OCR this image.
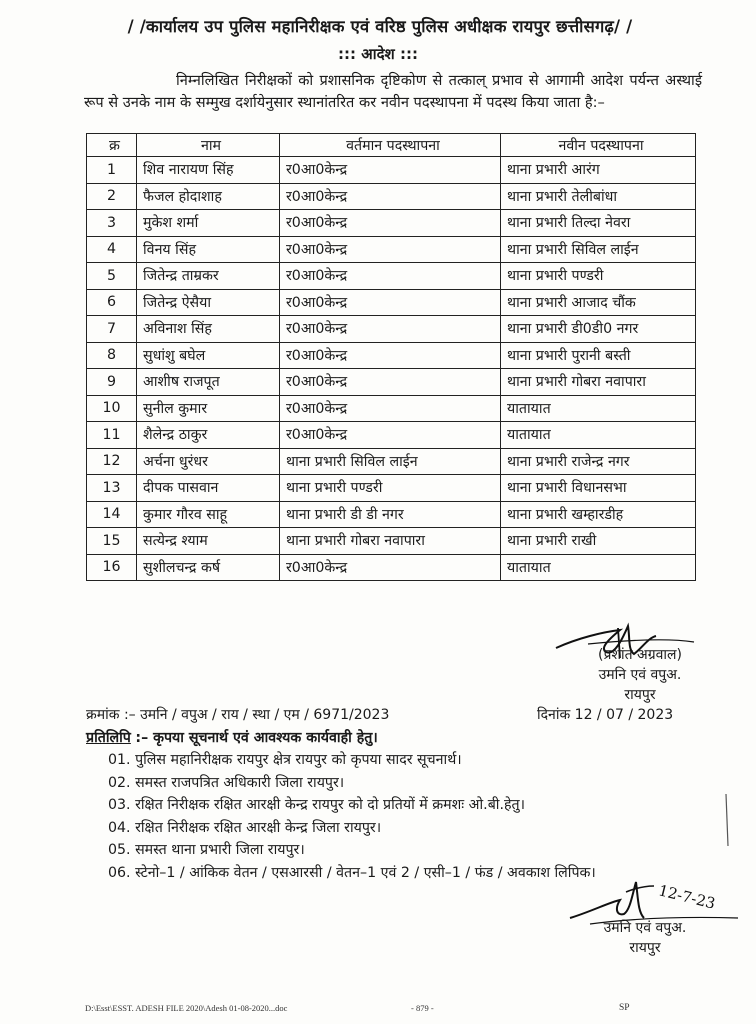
/ /कार्यालय उप पुलिस महानिरीक्षक एवं वरिष्ठ पुलिस अधीक्षक रायपुर छत्तीसगढ़/ /
::: आदेश :::
निम्नलिखित निरीक्षकों को प्रशासनिक दृष्टिकोण से तत्काल् प्रभाव से आगामी आदेश पर्यन्त अस्थाई रूप से उनके नाम के सम्मुख दर्शायेनुसार स्थानांतरित कर नवीन पदस्थापना में पदस्थ किया जाता है:–
क्र	नाम	वर्तमान पदस्थापना	नवीन पदस्थापना
1	शिव नारायण सिंह	र0आ0केन्द्र	थाना प्रभारी आरंग
2	फैजल होदाशाह	र0आ0केन्द्र	थाना प्रभारी तेलीबांधा
3	मुकेश शर्मा	र0आ0केन्द्र	थाना प्रभारी तिल्दा नेवरा
4	विनय सिंह	र0आ0केन्द्र	थाना प्रभारी सिविल लाईन
5	जितेन्द्र ताम्रकर	र0आ0केन्द्र	थाना प्रभारी पण्डरी
6	जितेन्द्र ऐसैया	र0आ0केन्द्र	थाना प्रभारी आजाद चौंक
7	अविनाश सिंह	र0आ0केन्द्र	थाना प्रभारी डी0डी0 नगर
8	सुधांशु बघेल	र0आ0केन्द्र	थाना प्रभारी पुरानी बस्ती
9	आशीष राजपूत	र0आ0केन्द्र	थाना प्रभारी गोबरा नवापारा
10	सुनील कुमार	र0आ0केन्द्र	यातायात
11	शैलेन्द्र ठाकुर	र0आ0केन्द्र	यातायात
12	अर्चना धुरंधर	थाना प्रभारी सिविल लाईन	थाना प्रभारी राजेन्द्र नगर
13	दीपक पासवान	थाना प्रभारी पण्डरी	थाना प्रभारी विधानसभा
14	कुमार गौरव साहू	थाना प्रभारी डी डी नगर	थाना प्रभारी खम्हारडीह
15	सत्येन्द्र श्याम	थाना प्रभारी गोबरा नवापारा	थाना प्रभारी राखी
16	सुशीलचन्द्र कर्ष	र0आ0केन्द्र	यातायात
(प्रशांत अग्रवाल)
उमनि एवं वपुअ.
रायपुर
क्रमांक :– उमनि / वपुअ / राय / स्था / एम / 6971/2023	दिनांक 12 / 07 / 2023
प्रतिलिपि :– कृपया सूचनार्थ एवं आवश्यक कार्यवाही हेतु।
01. पुलिस महानिरीक्षक रायपुर क्षेत्र रायपुर को कृपया सादर सूचनार्थ।
02. समस्त राजपत्रित अधिकारी जिला रायपुर।
03. रक्षित निरीक्षक रक्षित आरक्षी केन्द्र रायपुर को दो प्रतियों में क्रमशः ओ.बी.हेतु।
04. रक्षित निरीक्षक रक्षित आरक्षी केन्द्र जिला रायपुर।
05. समस्त थाना प्रभारी जिला रायपुर।
06. स्टेनो–1 / आंकिक वेतन / एसआरसी / वेतन–1 एवं 2 / एसी–1 / फंड / अवकाश लिपिक।
12-7-23
उमनि एवं वपुअ.
रायपुर
D:\Esst\ESST. ADESH FILE 2020\Adesh 01-08-2020...doc	- 879 -	SP
